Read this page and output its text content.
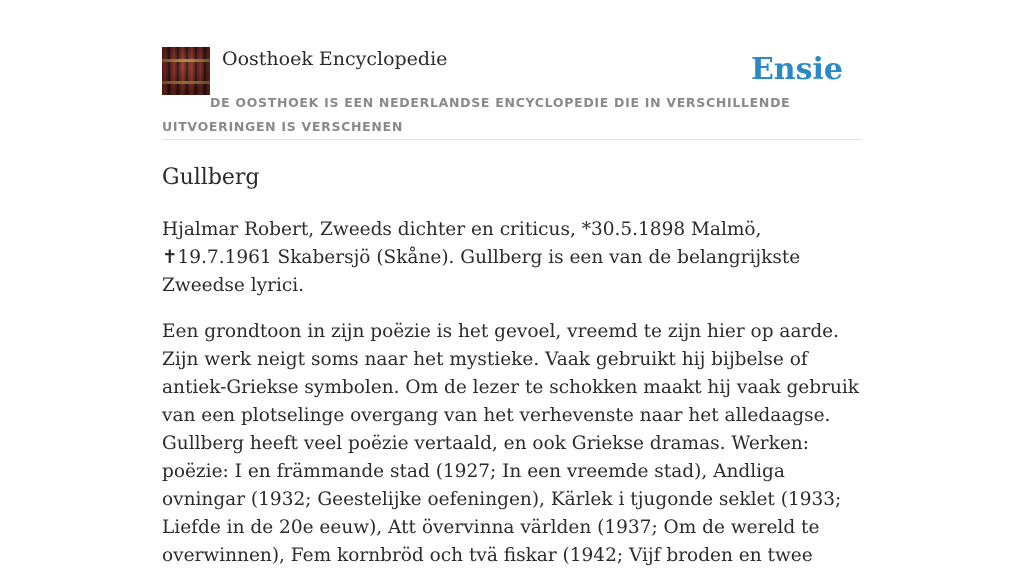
Oosthoek Encyclopedie	Ensie
DE OOSTHOEK IS EEN NEDERLANDSE ENCYCLOPEDIE DIE IN VERSCHILLENDE UITVOERINGEN IS VERSCHENEN
Gullberg

Hjalmar Robert, Zweeds dichter en criticus, *30.5.1898 Malmö, ✝19.7.1961 Skabersjö (Skåne). Gullberg is een van de belangrijkste Zweedse lyrici.

Een grondtoon in zijn poëzie is het gevoel, vreemd te zijn hier op aarde. Zijn werk neigt soms naar het mystieke. Vaak gebruikt hij bijbelse of antiek-Griekse symbolen. Om de lezer te schokken maakt hij vaak gebruik van een plotselinge overgang van het verhevenste naar het alledaagse. Gullberg heeft veel poëzie vertaald, en ook Griekse dramas. Werken: poëzie: I en främmande stad (1927; In een vreemde stad), Andliga ovningar (1932; Geestelijke oefeningen), Kärlek i tjugonde seklet (1933; Liefde in de 20e eeuw), Att övervinna världen (1937; Om de wereld te overwinnen), Fem kornbröd och tvä fiskar (1942; Vijf broden en twee
